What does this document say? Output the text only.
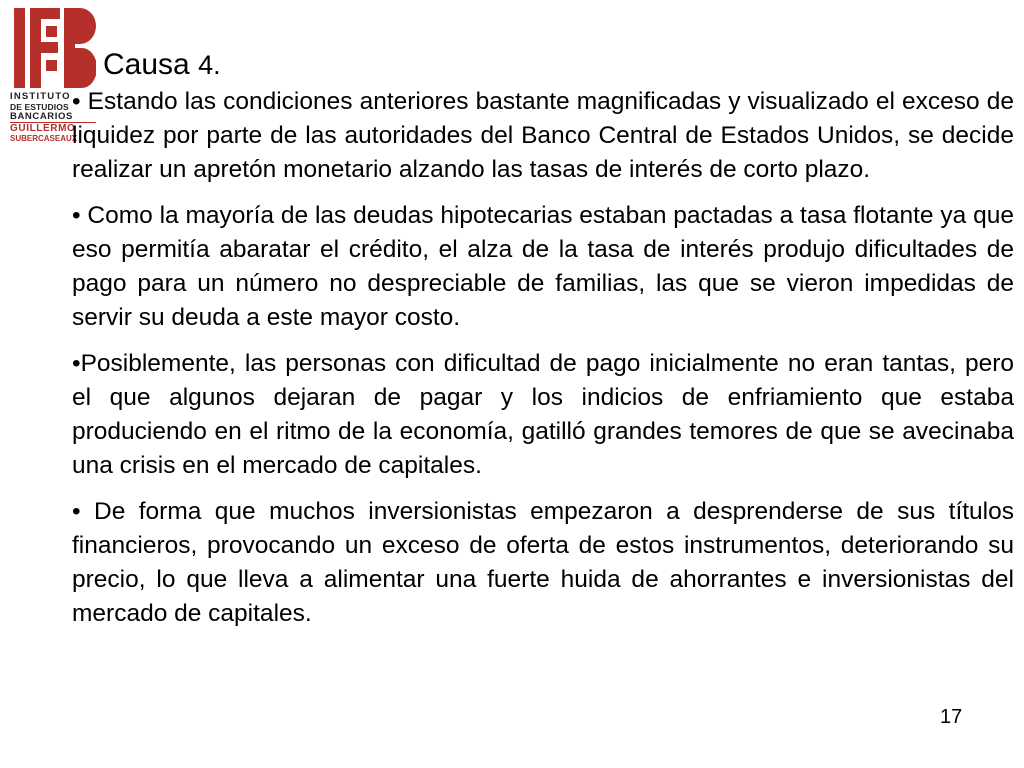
INSTITUTO
DE ESTUDIOS
BANCARIOS
GUILLERMO
SUBERCASEAUX
Causa 4.

• Estando las condiciones anteriores bastante magnificadas y visualizado el exceso de liquidez por parte de las autoridades del Banco Central de Estados Unidos, se decide realizar un apretón monetario alzando las tasas de interés de corto plazo.

• Como la mayoría de las deudas hipotecarias estaban pactadas a tasa flotante ya que eso permitía abaratar el crédito, el alza de la tasa de interés produjo dificultades de pago para un número no despreciable de familias, las que se vieron impedidas de servir su deuda a este mayor costo.

•Posiblemente, las personas con dificultad de pago inicialmente no eran tantas, pero el que algunos dejaran de pagar y los indicios de enfriamiento que estaba produciendo en el ritmo de la economía, gatilló grandes temores de que se avecinaba una crisis en el mercado de capitales.

• De forma que muchos inversionistas empezaron a desprenderse de sus títulos financieros, provocando un exceso de oferta de estos instrumentos, deteriorando su precio, lo que lleva a alimentar una fuerte huida de ahorrantes e inversionistas del mercado de capitales.

17
